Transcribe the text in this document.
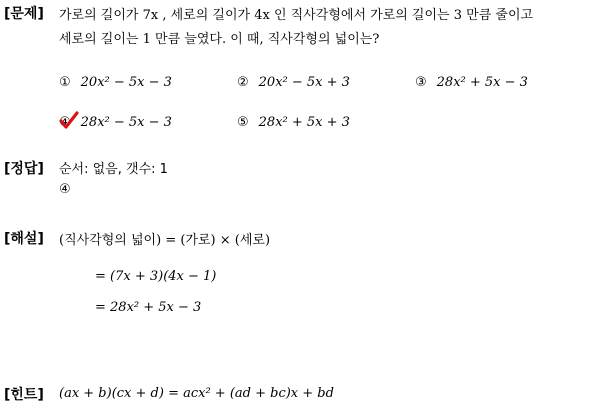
[문제] 가로의 길이가 7x , 세로의 길이가 4x 인 직사각형에서 가로의 길이는 3 만큼 줄이고
세로의 길이는 1 만큼 늘였다. 이 때, 직사각형의 넓이는?
① 20x² − 5x − 3	② 20x² − 5x + 3	③ 28x² + 5x − 3
④ 28x² − 5x − 3	⑤ 28x² + 5x + 3
[정답] 순서: 없음, 갯수: 1
④
[해설] (직사각형의 넓이) = (가로) × (세로)
= (7x + 3)(4x − 1)
= 28x² + 5x − 3
[힌트] (ax + b)(cx + d) = acx² + (ad + bc)x + bd
